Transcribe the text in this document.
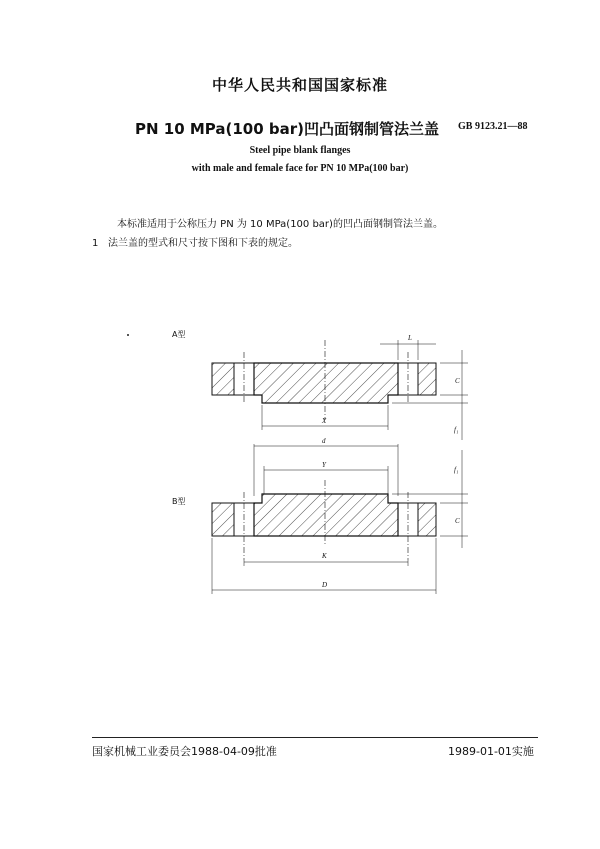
中华人民共和国国家标准
PN 10 MPa(100 bar)凹凸面钢制管法兰盖 GB 9123.21—88
Steel pipe blank flanges
with male and female face for PN 10 MPa(100 bar)
本标准适用于公称压力 PN 为 10 MPa(100 bar)的凹凸面钢制管法兰盖。
1 法兰盖的型式和尺寸按下图和下表的规定。
A型	L
C
f₁
X
B型
d
Y
f₁
C
K
D
国家机械工业委员会1988-04-09批准	1989-01-01实施
